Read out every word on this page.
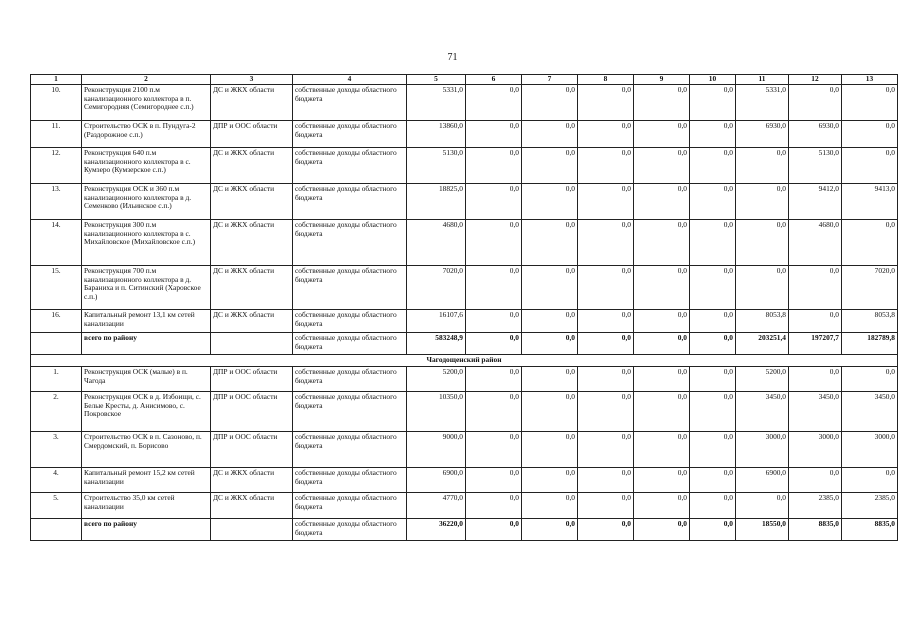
71
1	2	3	4	5	6	7	8	9	10	11	12	13
10.	Реконструкция 2100 п.м канализационного коллектора в п. Семигородняя (Семигороднее с.п.)	ДС и ЖКХ области	собственные доходы областного бюджета	5331,0	0,0	0,0	0,0	0,0	0,0	5331,0	0,0	0,0
11.	Строительство ОСК в п. Пундуга-2 (Раздорожное с.п.)	ДПР и ООС области	собственные доходы областного бюджета	13860,0	0,0	0,0	0,0	0,0	0,0	6930,0	6930,0	0,0
12.	Реконструкция 640 п.м канализационного коллектора в с. Кумзеро (Кумзерское с.п.)	ДС и ЖКХ области	собственные доходы областного бюджета	5130,0	0,0	0,0	0,0	0,0	0,0	0,0	5130,0	0,0
13.	Реконструкция ОСК и 360 п.м канализационного коллектора в д. Семенково (Ильинское с.п.)	ДС и ЖКХ области	собственные доходы областного бюджета	18825,0	0,0	0,0	0,0	0,0	0,0	0,0	9412,0	9413,0
14.	Реконструкция 300 п.м канализационного коллектора в с. Михайловское (Михайловское с.п.)	ДС и ЖКХ области	собственные доходы областного бюджета	4680,0	0,0	0,0	0,0	0,0	0,0	0,0	4680,0	0,0
15.	Реконструкция 700 п.м канализационного коллектора в д. Бараниха и п. Ситинский (Харовское с.п.)	ДС и ЖКХ области	собственные доходы областного бюджета	7020,0	0,0	0,0	0,0	0,0	0,0	0,0	0,0	7020,0
16.	Капитальный ремонт 13,1 км сетей канализации	ДС и ЖКХ области	собственные доходы областного бюджета	16107,6	0,0	0,0	0,0	0,0	0,0	8053,8	0,0	8053,8
	всего по району		собственные доходы областного бюджета	583248,9	0,0	0,0	0,0	0,0	0,0	203251,4	197207,7	182789,8
Чагодощенский район												
1.	Реконструкция ОСК (малые) в п. Чагода	ДПР и ООС области	собственные доходы областного бюджета	5200,0	0,0	0,0	0,0	0,0	0,0	5200,0	0,0	0,0
2.	Реконструкция ОСК в д. Избоищи, с. Белые Кресты, д. Анисимово, с. Покровское	ДПР и ООС области	собственные доходы областного бюджета	10350,0	0,0	0,0	0,0	0,0	0,0	3450,0	3450,0	3450,0
3.	Строительство ОСК в п. Сазоново, п. Смердомский, п. Борисово	ДПР и ООС области	собственные доходы областного бюджета	9000,0	0,0	0,0	0,0	0,0	0,0	3000,0	3000,0	3000,0
4.	Капитальный ремонт 15,2 км сетей канализации	ДС и ЖКХ области	собственные доходы областного бюджета	6900,0	0,0	0,0	0,0	0,0	0,0	6900,0	0,0	0,0
5.	Строительство 35,0 км сетей канализации	ДС и ЖКХ области	собственные доходы областного бюджета	4770,0	0,0	0,0	0,0	0,0	0,0	0,0	2385,0	2385,0
	всего по району		собственные доходы областного бюджета	36220,0	0,0	0,0	0,0	0,0	0,0	18550,0	8835,0	8835,0
